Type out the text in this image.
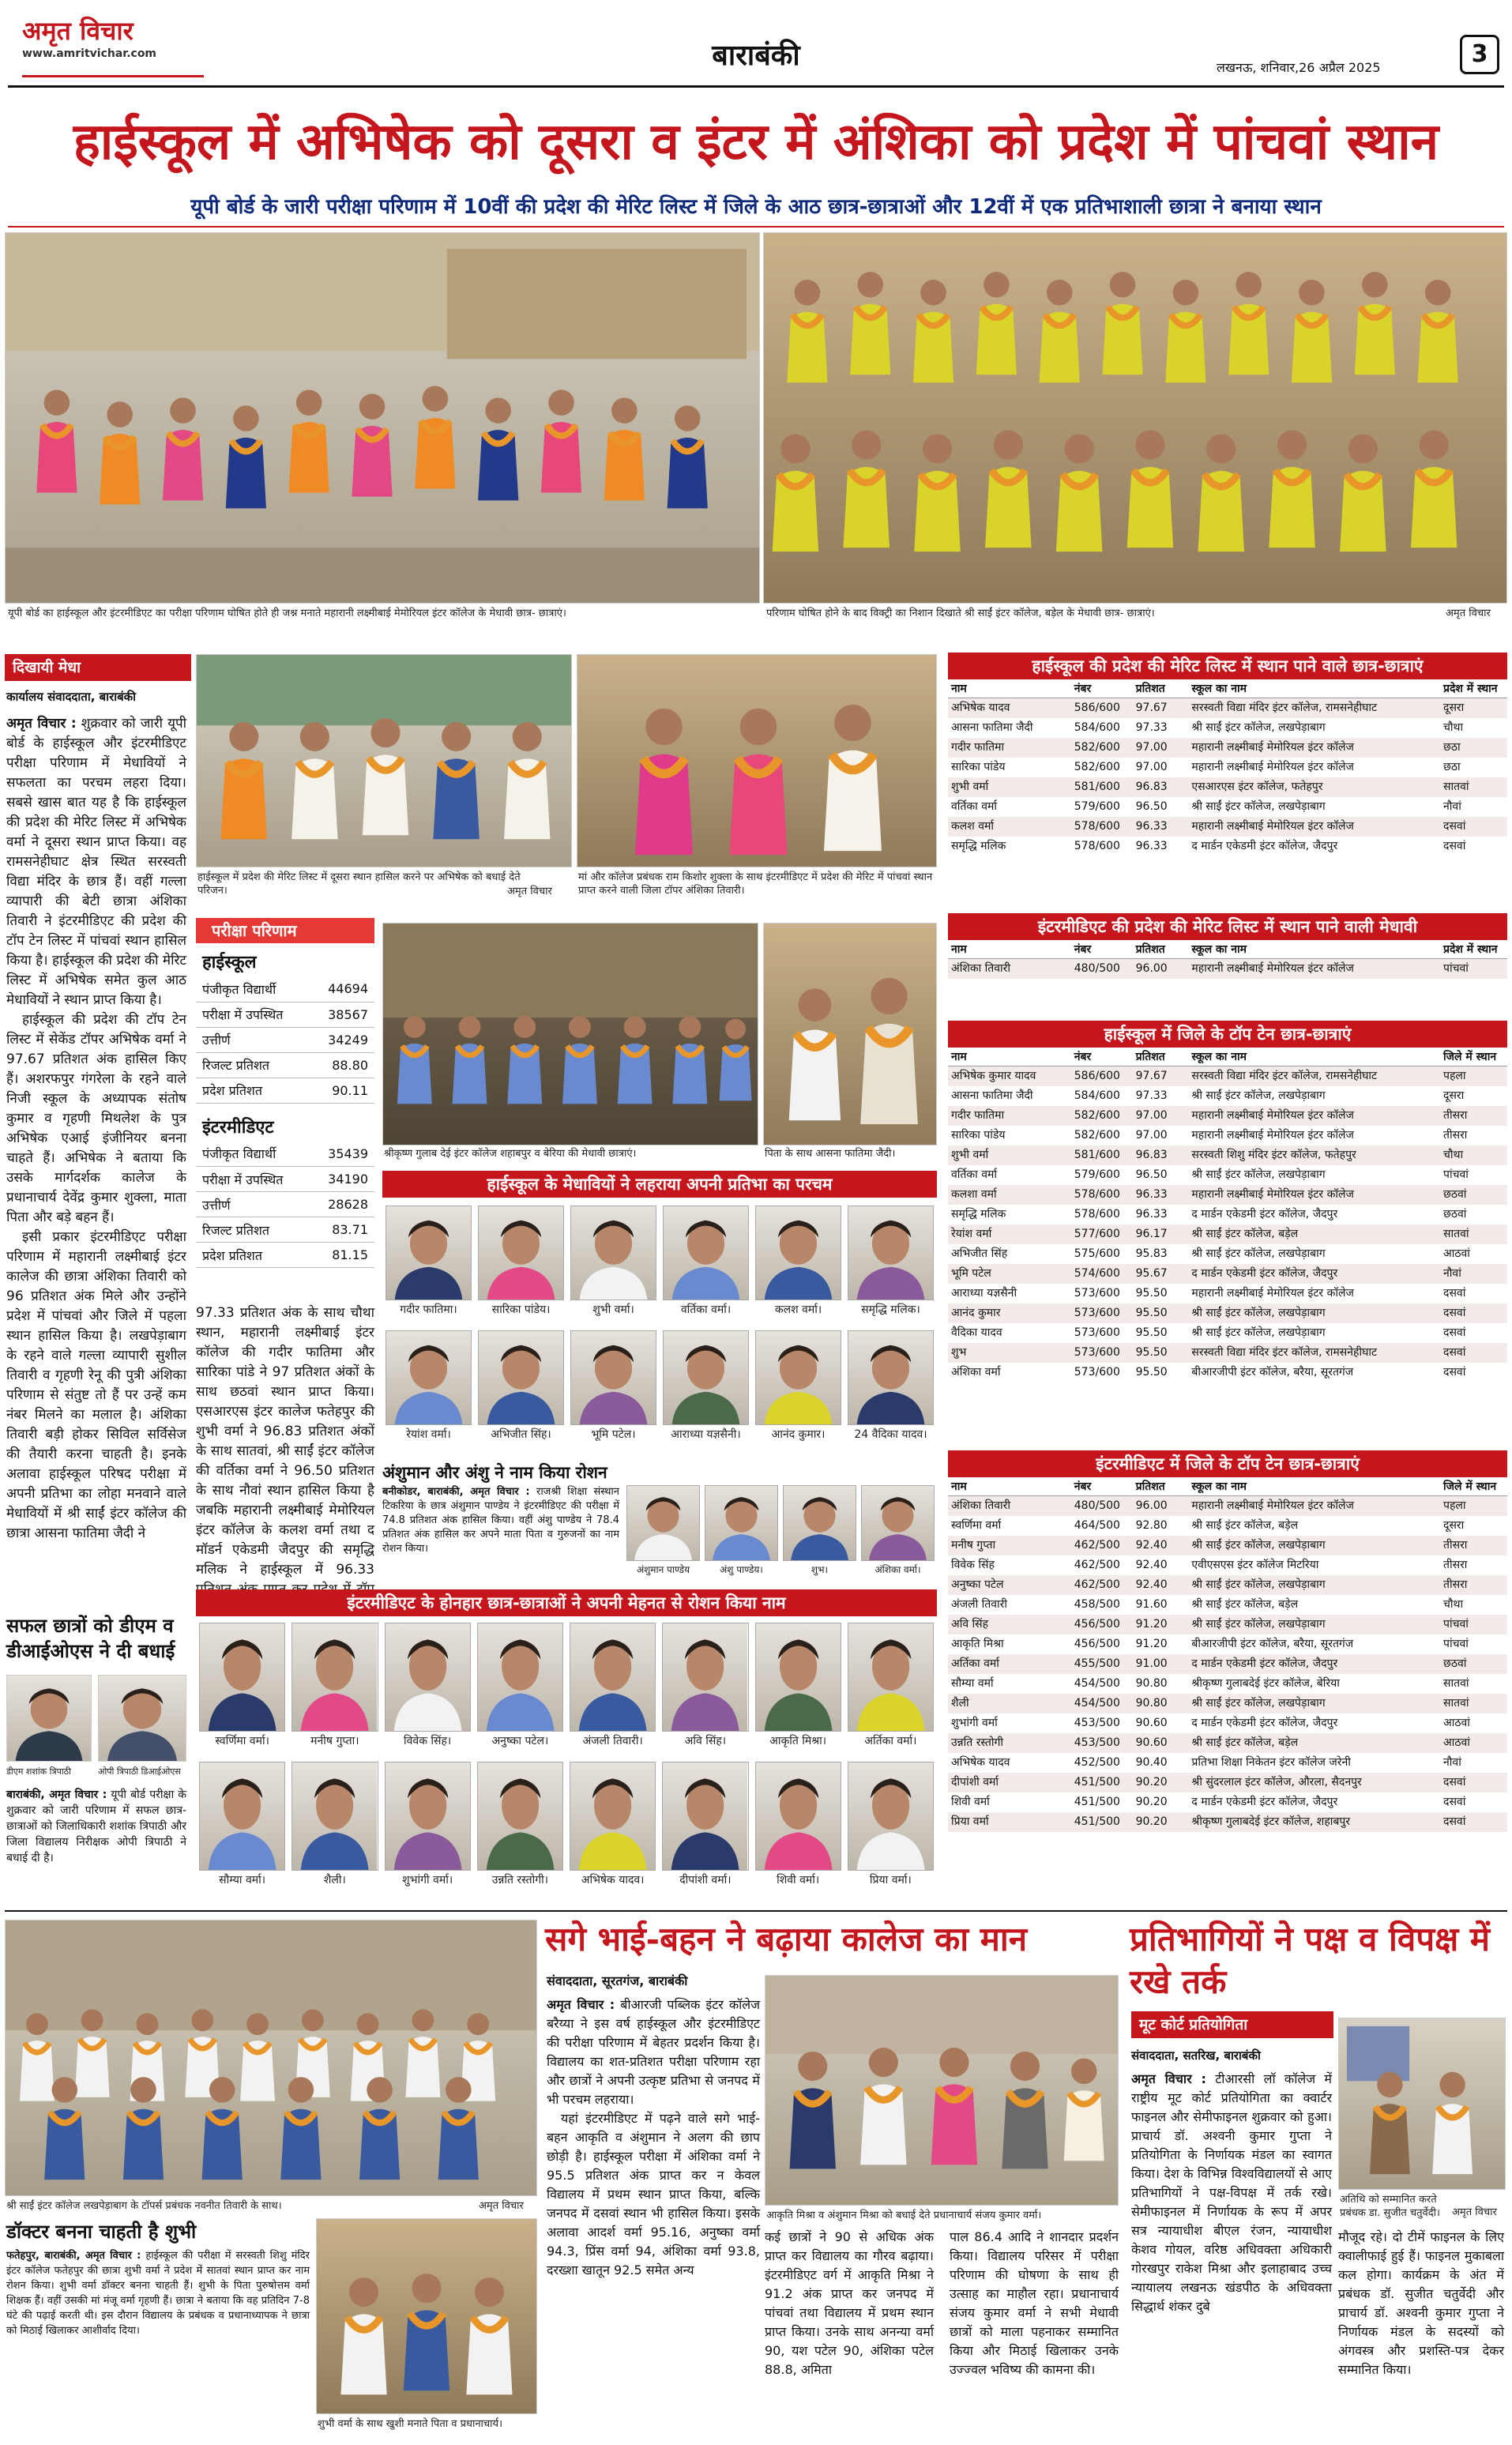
अमृत विचार
www.amritvichar.com	बाराबंकी	लखनऊ, शनिवार,26 अप्रैल 2025	3
हाईस्कूल में अभिषेक को दूसरा व इंटर में अंशिका को प्रदेश में पांचवां स्थान
यूपी बोर्ड के जारी परीक्षा परिणाम में 10वीं की प्रदेश की मेरिट लिस्ट में जिले के आठ छात्र-छात्राओं और 12वीं में एक प्रतिभाशाली छात्रा ने बनाया स्थान
यूपी बोर्ड का हाईस्कूल और इंटरमीडिएट का परीक्षा परिणाम घोषित होते ही जश्न मनाते महारानी लक्ष्मीबाई मेमोरियल इंटर कॉलेज के मेधावी छात्र- छात्राएं।	परिणाम घोषित होने के बाद विक्ट्री का निशान दिखाते श्री साईं इंटर कॉलेज, बड़ेल के मेधावी छात्र- छात्राएं।	अमृत विचार
दिखायी मेधा
कार्यालय संवाददाता, बाराबंकी

अमृत विचार : शुक्रवार को जारी यूपी बोर्ड के हाईस्कूल और इंटरमीडिएट परीक्षा परिणाम में मेधावियों ने सफलता का परचम लहरा दिया। सबसे खास बात यह है कि हाईस्कूल की प्रदेश की मेरिट लिस्ट में अभिषेक वर्मा ने दूसरा स्थान प्राप्त किया। वह रामसनेहीघाट क्षेत्र स्थित सरस्वती विद्या मंदिर के छात्र हैं। वहीं गल्ला व्यापारी की बेटी छात्रा अंशिका तिवारी ने इंटरमीडिएट की प्रदेश की टॉप टेन लिस्ट में पांचवां स्थान हासिल किया है। हाईस्कूल की प्रदेश की मेरिट लिस्ट में अभिषेक समेत कुल आठ मेधावियों ने स्थान प्राप्त किया है।

हाईस्कूल की प्रदेश की टॉप टेन लिस्ट में सेकेंड टॉपर अभिषेक वर्मा ने 97.67 प्रतिशत अंक हासिल किए हैं। अशरफपुर गंगरेला के रहने वाले निजी स्कूल के अध्यापक संतोष कुमार व गृहणी मिथलेश के पुत्र अभिषेक एआई इंजीनियर बनना चाहते हैं। अभिषेक ने बताया कि उसके मार्गदर्शक कालेज के प्रधानाचार्य देवेंद्र कुमार शुक्ला, माता पिता और बड़े बहन हैं।

इसी प्रकार इंटरमीडिएट परीक्षा परिणाम में महारानी लक्ष्मीबाई इंटर कालेज की छात्रा अंशिका तिवारी को 96 प्रतिशत अंक मिले और उन्होंने प्रदेश में पांचवां और जिले में पहला स्थान हासिल किया है। लखपेड़ाबाग के रहने वाले गल्ला व्यापारी सुशील तिवारी व गृहणी रेनू की पुत्री अंशिका परिणाम से संतुष्ट तो हैं पर उन्हें कम नंबर मिलने का मलाल है। अंशिका तिवारी बड़ी होकर सिविल सर्विसेज की तैयारी करना चाहती है। इनके अलावा हाईस्कूल परिषद परीक्षा में अपनी प्रतिभा का लोहा मनवाने वाले मेधावियों में श्री साईं इंटर कॉलेज की छात्रा आसना फातिमा जैदी ने

सफल छात्रों को डीएम व डीआईओएस ने दी बधाई
डीएम शशांक त्रिपाठी	ओपी त्रिपाठी डिआईओएस
बाराबंकी, अमृत विचार : यूपी बोर्ड परीक्षा के शुक्रवार को जारी परिणाम में सफल छात्र-छात्राओं को जिलाधिकारी शशांक त्रिपाठी और जिला विद्यालय निरीक्षक ओपी त्रिपाठी ने बधाई दी है।
हाईस्कूल में प्रदेश की मेरिट लिस्ट में दूसरा स्थान हासिल करने पर अभिषेक को बधाई देते परिजन।	अमृत विचार
मां और कॉलेज प्रबंधक राम किशोर शुक्ला के साथ इंटरमीडिएट में प्रदेश की मेरिट में पांचवां स्थान प्राप्त करने वाली जिला टॉपर अंशिका तिवारी।
परीक्षा परिणाम
हाईस्कूल
पंजीकृत विद्यार्थी	44694
परीक्षा में उपस्थित	38567
उत्तीर्ण	34249
रिजल्ट प्रतिशत	88.80
प्रदेश प्रतिशत	90.11
इंटरमीडिएट
पंजीकृत विद्यार्थी	35439
परीक्षा में उपस्थित	34190
उत्तीर्ण	28628
रिजल्ट प्रतिशत	83.71
प्रदेश प्रतिशत	81.15
श्रीकृष्ण गुलाब देई इंटर कॉलेज शहाबपुर व बेरिया की मेधावी छात्राएं।	पिता के साथ आसना फातिमा जैदी।
हाईस्कूल के मेधावियों ने लहराया अपनी प्रतिभा का परचम
गदीर फातिमा।	सारिका पांडेय।	शुभी वर्मा।	वर्तिका वर्मा।	कलश वर्मा।	समृद्धि मलिक।
रेयांश वर्मा।	अभिजीत सिंह।	भूमि पटेल।	आराध्या यज्ञसैनी।	आनंद कुमार।	24 वैदिका यादव।
97.33 प्रतिशत अंक के साथ चौथा स्थान, महारानी लक्ष्मीबाई इंटर कॉलेज की गदीर फातिमा और सारिका पांडे ने 97 प्रतिशत अंकों के साथ छठवां स्थान प्राप्त किया। एसआरएस इंटर कालेज फतेहपुर की शुभी वर्मा ने 96.83 प्रतिशत अंकों के साथ सातवां, श्री साईं इंटर कॉलेज की वर्तिका वर्मा ने 96.50 प्रतिशत के साथ नौवां स्थान हासिल किया है जबकि महारानी लक्ष्मीबाई मेमोरियल इंटर कॉलेज के कलश वर्मा तथा द मॉडर्न एकेडमी जैदपुर की समृद्धि मलिक ने हाईस्कूल में 96.33
अंशुमान और अंशु ने नाम किया रोशन
बनीकोडर, बाराबंकी, अमृत विचार : राजश्री शिक्षा संस्थान टिकरिया के छात्र अंशुमान पाण्डेय ने इंटरमीडिएट की परीक्षा में 74.8 प्रतिशत अंक हासिल किया। वहीं अंशु पाण्डेय ने 78.4 प्रतिशत अंक हासिल कर अपने माता पिता व गुरुजनों का नाम रोशन किया।
अंशुमान पाण्डेय	अंशु पाण्डेय।	शुभ।	अंशिका वर्मा।
इंटरमीडिएट के होनहार छात्र-छात्राओं ने अपनी मेहनत से रोशन किया नाम
स्वर्णिमा वर्मा।	मनीष गुप्ता।	विवेक सिंह।	अनुष्का पटेल।	अंजली तिवारी।	अवि सिंह।	आकृति मिश्रा।	अर्तिका वर्मा।
सौम्या वर्मा।	शैली।	शुभांगी वर्मा।	उन्नति रस्तोगी।	अभिषेक यादव।	दीपांशी वर्मा।	शिवी वर्मा।	प्रिया वर्मा।
हाईस्कूल की प्रदेश की मेरिट लिस्ट में स्थान पाने वाले छात्र-छात्राएं
नाम	नंबर	प्रतिशत	स्कूल का नाम	प्रदेश में स्थान
अभिषेक यादव	586/600	97.67	सरस्वती विद्या मंदिर इंटर कॉलेज, रामसनेहीघाट	दूसरा
आसना फातिमा जैदी	584/600	97.33	श्री साईं इंटर कॉलेज, लखपेड़ाबाग	चौथा
गदीर फातिमा	582/600	97.00	महारानी लक्ष्मीबाई मेमोरियल इंटर कॉलेज	छठा
सारिका पांडेय	582/600	97.00	महारानी लक्ष्मीबाई मेमोरियल इंटर कॉलेज	छठा
शुभी वर्मा	581/600	96.83	एसआरएस इंटर कॉलेज, फतेहपुर	सातवां
वर्तिका वर्मा	579/600	96.50	श्री साईं इंटर कॉलेज, लखपेड़ाबाग	नौवां
कलश वर्मा	578/600	96.33	महारानी लक्ष्मीबाई मेमोरियल इंटर कॉलेज	दसवां
समृद्धि मलिक	578/600	96.33	द मार्डन एकेडमी इंटर कॉलेज, जैदपुर	दसवां
इंटरमीडिएट की प्रदेश की मेरिट लिस्ट में स्थान पाने वाली मेधावी
नाम	नंबर	प्रतिशत	स्कूल का नाम	प्रदेश में स्थान
अंशिका तिवारी	480/500	96.00	महारानी लक्ष्मीबाई मेमोरियल इंटर कॉलेज	पांचवां
हाईस्कूल में जिले के टॉप टेन छात्र-छात्राएं
नाम	नंबर	प्रतिशत	स्कूल का नाम	जिले में स्थान
अभिषेक कुमार यादव	586/600	97.67	सरस्वती विद्या मंदिर इंटर कॉलेज, रामसनेहीघाट	पहला
आसना फातिमा जैदी	584/600	97.33	श्री साईं इंटर कॉलेज, लखपेड़ाबाग	दूसरा
गदीर फातिमा	582/600	97.00	महारानी लक्ष्मीबाई मेमोरियल इंटर कॉलेज	तीसरा
सारिका पांडेय	582/600	97.00	महारानी लक्ष्मीबाई मेमोरियल इंटर कॉलेज	तीसरा
शुभी वर्मा	581/600	96.83	सरस्वती शिशु मंदिर इंटर कॉलेज, फतेहपुर	चौथा
वर्तिका वर्मा	579/600	96.50	श्री साईं इंटर कॉलेज, लखपेड़ाबाग	पांचवां
कलशा वर्मा	578/600	96.33	महारानी लक्ष्मीबाई मेमोरियल इंटर कॉलेज	छठवां
समृद्धि मलिक	578/600	96.33	द मार्डन एकेडमी इंटर कॉलेज, जैदपुर	छठवां
रेयांश वर्मा	577/600	96.17	श्री साईं इंटर कॉलेज, बड़ेल	सातवां
अभिजीत सिंह	575/600	95.83	श्री साईं इंटर कॉलेज, लखपेड़ाबाग	आठवां
भूमि पटेल	574/600	95.67	द मार्डन एकेडमी इंटर कॉलेज, जैदपुर	नौवां
आराध्या यज्ञसैनी	573/600	95.50	महारानी लक्ष्मीबाई मेमोरियल इंटर कॉलेज	दसवां
आनंद कुमार	573/600	95.50	श्री साईं इंटर कॉलेज, लखपेड़ाबाग	दसवां
वैदिका यादव	573/600	95.50	श्री साईं इंटर कॉलेज, लखपेड़ाबाग	दसवां
शुभ	573/600	95.50	सरस्वती विद्या मंदिर इंटर कॉलेज, रामसनेहीघाट	दसवां
अंशिका वर्मा	573/600	95.50	बीआरजीपी इंटर कॉलेज, बरैया, सूरतगंज	दसवां
इंटरमीडिएट में जिले के टॉप टेन छात्र-छात्राएं
नाम	नंबर	प्रतिशत	स्कूल का नाम	जिले में स्थान
अंशिका तिवारी	480/500	96.00	महारानी लक्ष्मीबाई मेमोरियल इंटर कॉलेज	पहला
स्वर्णिमा वर्मा	464/500	92.80	श्री साईं इंटर कॉलेज, बड़ेल	दूसरा
मनीष गुप्ता	462/500	92.40	श्री साईं इंटर कॉलेज, लखपेड़ाबाग	तीसरा
विवेक सिंह	462/500	92.40	एवीएसएस इंटर कॉलेज मिटरिया	तीसरा
अनुष्का पटेल	462/500	92.40	श्री साईं इंटर कॉलेज, लखपेड़ाबाग	तीसरा
अंजली तिवारी	458/500	91.60	श्री साईं इंटर कॉलेज, बड़ेल	चौथा
अवि सिंह	456/500	91.20	श्री साईं इंटर कॉलेज, लखपेड़ाबाग	पांचवां
आकृति मिश्रा	456/500	91.20	बीआरजीपी इंटर कॉलेज, बरैया, सूरतगंज	पांचवां
अर्तिका वर्मा	455/500	91.00	द मार्डन एकेडमी इंटर कॉलेज, जैदपुर	छठवां
सौम्या वर्मा	454/500	90.80	श्रीकृष्ण गुलाबदेई इंटर कॉलेज, बेरिया	सातवां
शैली	454/500	90.80	श्री साईं इंटर कॉलेज, लखपेड़ाबाग	सातवां
शुभांगी वर्मा	453/500	90.60	द मार्डन एकेडमी इंटर कॉलेज, जैदपुर	आठवां
उन्नति रस्तोगी	453/500	90.60	श्री साईं इंटर कॉलेज, बड़ेल	आठवां
अभिषेक यादव	452/500	90.40	प्रतिभा शिक्षा निकेतन इंटर कॉलेज जरेनी	नौवां
दीपांशी वर्मा	451/500	90.20	श्री सुंदरलाल इंटर कॉलेज, औरला, सैदनपुर	दसवां
शिवी वर्मा	451/500	90.20	द मार्डन एकेडमी इंटर कॉलेज, जैदपुर	दसवां
प्रिया वर्मा	451/500	90.20	श्रीकृष्ण गुलाबदेई इंटर कॉलेज, शहाबपुर	दसवां
श्री साईं इंटर कॉलेज लखपेड़ाबाग के टॉपर्स प्रबंधक नवनीत तिवारी के साथ।	अमृत विचार
डॉक्टर बनना चाहती है शुभी
फतेहपुर, बाराबंकी, अमृत विचार : हाईस्कूल की परीक्षा में सरस्वती शिशु मंदिर इंटर कॉलेज फतेहपुर की छात्रा शुभी वर्मा ने प्रदेश में सातवां स्थान प्राप्त कर नाम रोशन किया। शुभी वर्मा डॉक्टर बनना चाहती हैं। शुभी के पिता पुरुषोत्तम वर्मा शिक्षक हैं। वहीं उसकी मां मंजू वर्मा गृहणी हैं। छात्रा ने बताया कि वह प्रतिदिन 7-8 घंटे की पढ़ाई करती थी। इस दौरान विद्यालय के प्रबंधक व प्रधानाध्यापक ने छात्रा को मिठाई खिलाकर आशीर्वाद दिया।
शुभी वर्मा के साथ खुशी मनाते पिता व प्रधानाचार्य।
सगे भाई-बहन ने बढ़ाया कालेज का मान
संवाददाता, सूरतगंज, बाराबंकी

अमृत विचार : बीआरजी पब्लिक इंटर कॉलेज बरैय्या ने इस वर्ष हाईस्कूल और इंटरमीडिएट की परीक्षा परिणाम में बेहतर प्रदर्शन किया है। विद्यालय का शत-प्रतिशत परीक्षा परिणाम रहा और छात्रों ने अपनी उत्कृष्ट प्रतिभा से जनपद में भी परचम लहराया।

यहां इंटरमीडिएट में पढ़ने वाले सगे भाई-बहन आकृति व अंशुमान ने अलग की छाप छोड़ी है। हाईस्कूल परीक्षा में अंशिका वर्मा ने 95.5 प्रतिशत अंक प्राप्त कर न केवल विद्यालय में प्रथम स्थान प्राप्त किया, बल्कि जनपद में दसवां स्थान भी हासिल किया। इसके अलावा आदर्श वर्मा 95.16, अनुष्का वर्मा 94.3, प्रिंस वर्मा 94, अंशिका वर्मा 93.8, दरख्शा खातून 92.5 समेत अन्य

आकृति मिश्रा व अंशुमान मिश्रा को बधाई देते प्रधानाचार्य संजय कुमार वर्मा।
कई छात्रों ने 90 से अधिक अंक प्राप्त कर विद्यालय का गौरव बढ़ाया। इंटरमीडिएट वर्ग में आकृति मिश्रा ने 91.2 अंक प्राप्त कर जनपद में पांचवां तथा विद्यालय में प्रथम स्थान प्राप्त किया। उनके साथ अनन्या वर्मा 90, यश पटेल 90, अंशिका पटेल 88.8, अमिता
पाल 86.4 आदि ने शानदार प्रदर्शन किया। विद्यालय परिसर में परीक्षा परिणाम की घोषणा के साथ ही उत्साह का माहौल रहा। प्रधानाचार्य संजय कुमार वर्मा ने सभी मेधावी छात्रों को माला पहनाकर सम्मानित किया और मिठाई खिलाकर उनके उज्ज्वल भविष्य की कामना की।
प्रतिभागियों ने पक्ष व विपक्ष में रखे तर्क
मूट कोर्ट प्रतियोगिता
संवाददाता, सतरिख, बाराबंकी
अमृत विचार : टीआरसी लॉ कॉलेज में राष्ट्रीय मूट कोर्ट प्रतियोगिता का क्वार्टर फाइनल और सेमीफाइनल शुक्रवार को हुआ। प्राचार्य डॉ. अश्वनी कुमार गुप्ता ने प्रतियोगिता के निर्णायक मंडल का स्वागत किया। देश के विभिन्न विश्वविद्यालयों से आए प्रतिभागियों ने पक्ष-विपक्ष में तर्क रखे। सेमीफाइनल में निर्णायक के रूप में अपर सत्र न्यायाधीश बीएल रंजन, न्यायाधीश केशव गोयल, वरिष्ठ अधिवक्ता अधिकारी गोरखपुर राकेश मिश्रा और इलाहाबाद उच्च न्यायालय लखनऊ खंडपीठ के अधिवक्ता सिद्धार्थ शंकर दुबे
अतिथि को सम्मानित करते प्रबंधक डा. सुजीत चतुर्वेदी।	अमृत विचार
मौजूद रहे। दो टीमें फाइनल के लिए क्वालीफाई हुई हैं। फाइनल मुकाबला कल होगा। कार्यक्रम के अंत में प्रबंधक डॉ. सुजीत चतुर्वेदी और प्राचार्य डॉ. अश्वनी कुमार गुप्ता ने निर्णायक मंडल के सदस्यों को अंगवस्त्र और प्रशस्ति-पत्र देकर सम्मानित किया।
